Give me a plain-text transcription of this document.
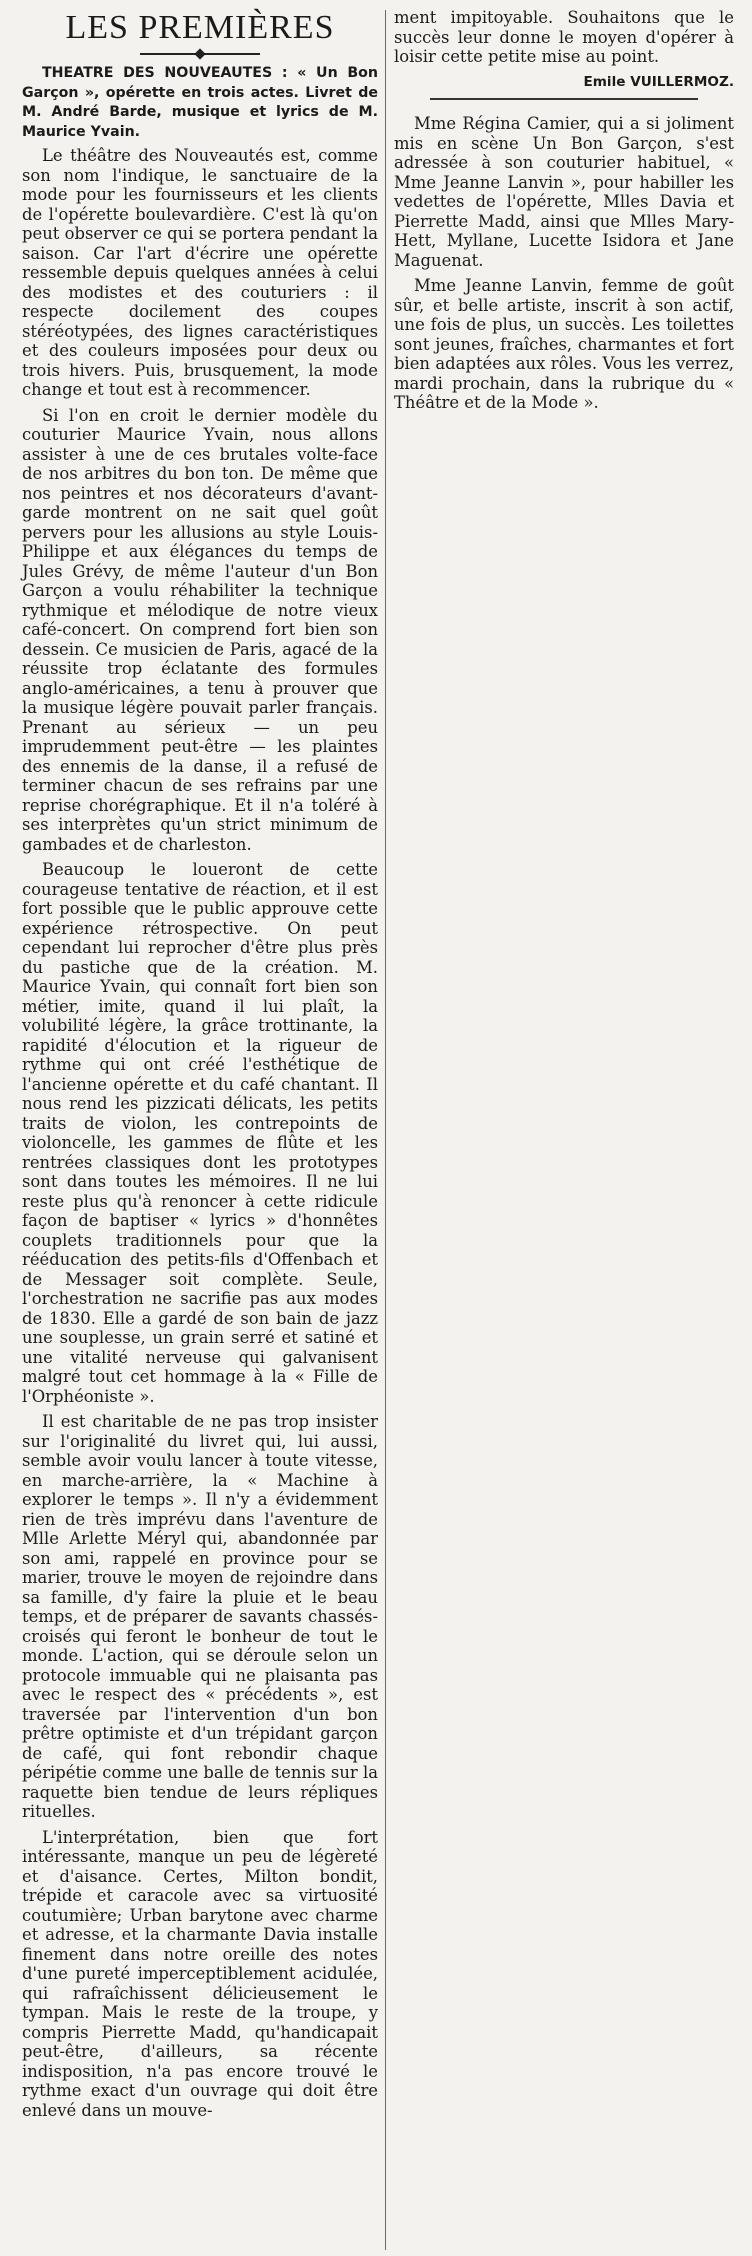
LES PREMIÈRES
THEATRE DES NOUVEAUTES : « Un Bon Garçon », opérette en trois actes. Livret de M. André Barde, musique et lyrics de M. Maurice Yvain.

Le théâtre des Nouveautés est, comme son nom l'indique, le sanctuaire de la mode pour les fournisseurs et les clients de l'opérette boulevardière. C'est là qu'on peut observer ce qui se portera pendant la saison. Car l'art d'écrire une opérette ressemble depuis quelques années à celui des modistes et des couturiers : il respecte docilement des coupes stéréotypées, des lignes caractéristiques et des couleurs imposées pour deux ou trois hivers. Puis, brusquement, la mode change et tout est à recommencer.

Si l'on en croit le dernier modèle du couturier Maurice Yvain, nous allons assister à une de ces brutales volte-face de nos arbitres du bon ton. De même que nos peintres et nos décorateurs d'avant-garde montrent on ne sait quel goût pervers pour les allusions au style Louis-Philippe et aux élégances du temps de Jules Grévy, de même l'auteur d'un Bon Garçon a voulu réhabiliter la technique rythmique et mélodique de notre vieux café-concert. On comprend fort bien son dessein. Ce musicien de Paris, agacé de la réussite trop éclatante des formules anglo-américaines, a tenu à prouver que la musique légère pouvait parler français. Prenant au sérieux — un peu imprudemment peut-être — les plaintes des ennemis de la danse, il a refusé de terminer chacun de ses refrains par une reprise chorégraphique. Et il n'a toléré à ses interprètes qu'un strict minimum de gambades et de charleston.

Beaucoup le loueront de cette courageuse tentative de réaction, et il est fort possible que le public approuve cette expérience rétrospective. On peut cependant lui reprocher d'être plus près du pastiche que de la création. M. Maurice Yvain, qui connaît fort bien son métier, imite, quand il lui plaît, la volubilité légère, la grâce trottinante, la rapidité d'élocution et la rigueur de rythme qui ont créé l'esthétique de l'ancienne opérette et du café chantant. Il nous rend les pizzicati délicats, les petits traits de violon, les contrepoints de violoncelle, les gammes de flûte et les rentrées classiques dont les prototypes sont dans toutes les mémoires. Il ne lui reste plus qu'à renoncer à cette ridicule façon de baptiser « lyrics » d'honnêtes couplets traditionnels pour que la rééducation des petits-fils d'Offenbach et de Messager soit complète. Seule, l'orchestration ne sacrifie pas aux modes de 1830. Elle a gardé de son bain de jazz une souplesse, un grain serré et satiné et une vitalité nerveuse qui galvanisent malgré tout cet hommage à la « Fille de l'Orphéoniste ».

Il est charitable de ne pas trop insister sur l'originalité du livret qui, lui aussi, semble avoir voulu lancer à toute vitesse, en marche-arrière, la « Machine à explorer le temps ». Il n'y a évidemment rien de très imprévu dans l'aventure de Mlle Arlette Méryl qui, abandonnée par son ami, rappelé en province pour se marier, trouve le moyen de rejoindre dans sa famille, d'y faire la pluie et le beau temps, et de préparer de savants chassés-croisés qui feront le bonheur de tout le monde. L'action, qui se déroule selon un protocole immuable qui ne plaisanta pas avec le respect des « précédents », est traversée par l'intervention d'un bon prêtre optimiste et d'un trépidant garçon de café, qui font rebondir chaque péripétie comme une balle de tennis sur la raquette bien tendue de leurs répliques rituelles.

L'interprétation, bien que fort intéressante, manque un peu de légèreté et d'aisance. Certes, Milton bondit, trépide et caracole avec sa virtuosité coutumière; Urban barytone avec charme et adresse, et la charmante Davia installe finement dans notre oreille des notes d'une pureté imperceptiblement acidulée, qui rafraîchissent délicieusement le tympan. Mais le reste de la troupe, y compris Pierrette Madd, qu'handicapait peut-être, d'ailleurs, sa récente indisposition, n'a pas encore trouvé le rythme exact d'un ouvrage qui doit être enlevé dans un mouve-

ment impitoyable. Souhaitons que le succès leur donne le moyen d'opérer à loisir cette petite mise au point.

Emile VUILLERMOZ.

Mme Régina Camier, qui a si joliment mis en scène Un Bon Garçon, s'est adressée à son couturier habituel, « Mme Jeanne Lanvin », pour habiller les vedettes de l'opérette, Mlles Davia et Pierrette Madd, ainsi que Mlles Mary-Hett, Myllane, Lucette Isidora et Jane Maguenat.

Mme Jeanne Lanvin, femme de goût sûr, et belle artiste, inscrit à son actif, une fois de plus, un succès. Les toilettes sont jeunes, fraîches, charmantes et fort bien adaptées aux rôles. Vous les verrez, mardi prochain, dans la rubrique du « Théâtre et de la Mode ».
